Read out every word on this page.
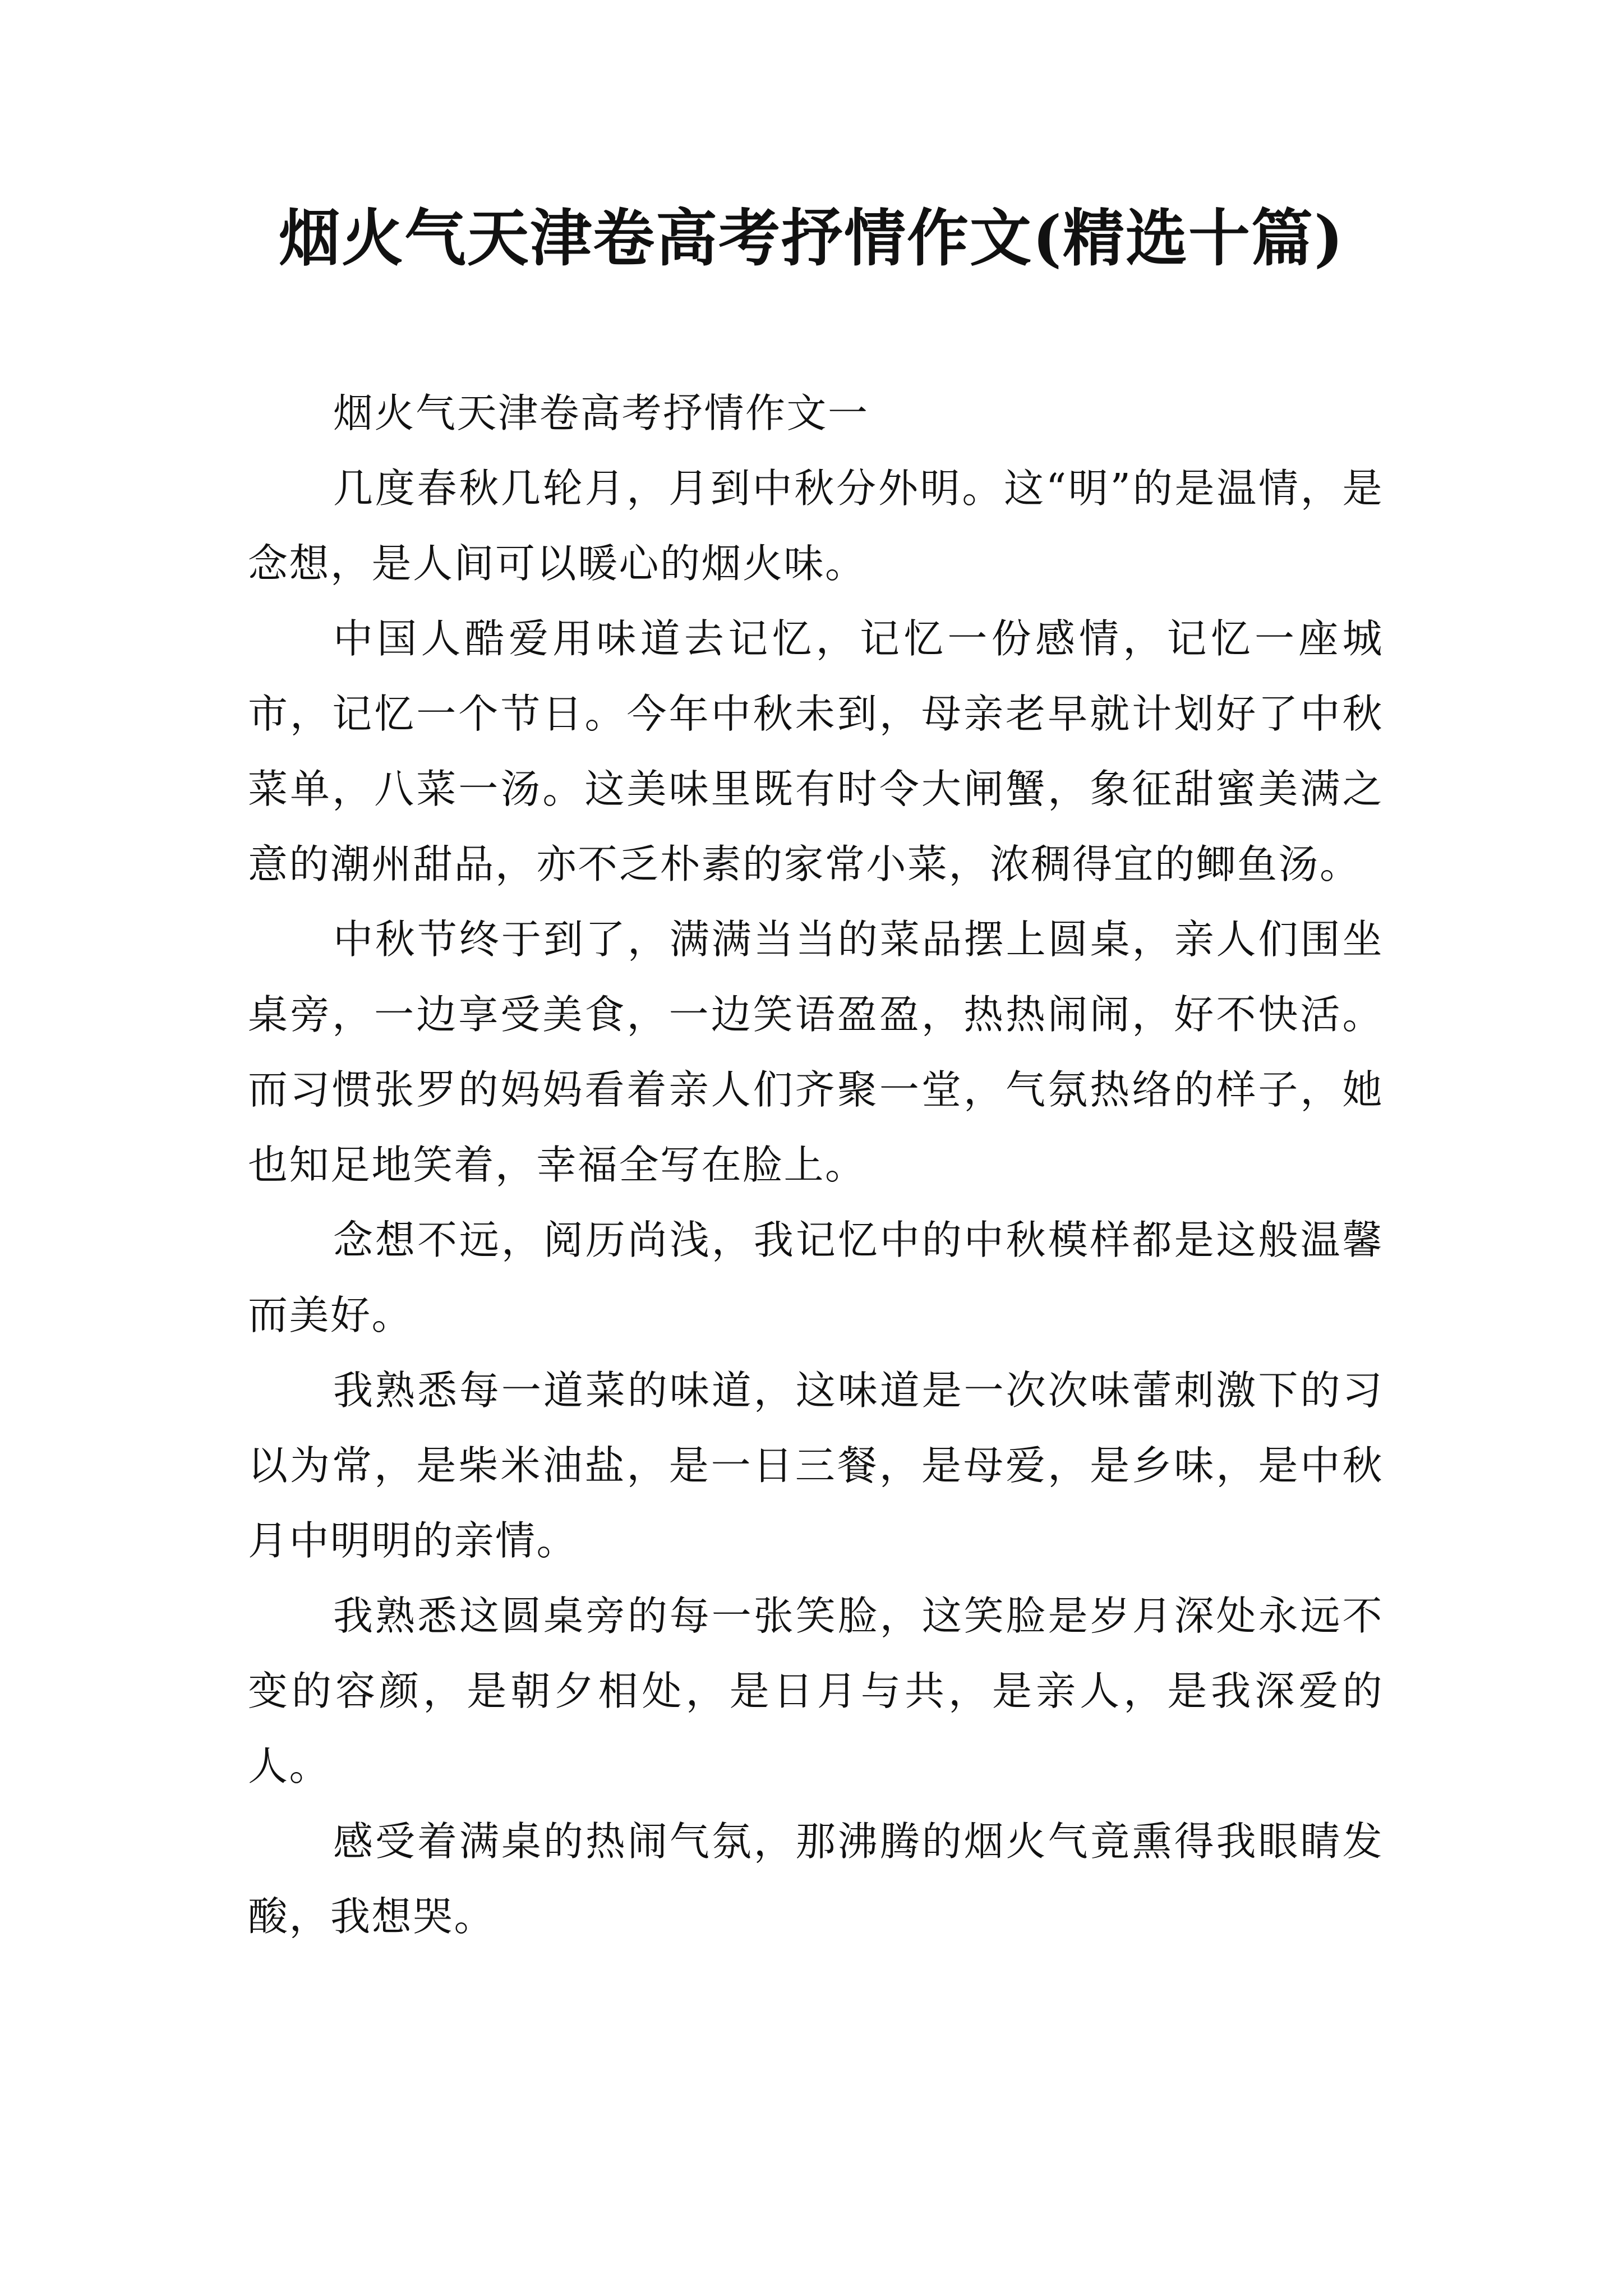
烟火气天津卷高考抒情作文(精选十篇)

烟火气天津卷高考抒情作文一

几度春秋几轮月，月到中秋分外明。这“明”的是温情，是念想，是人间可以暖心的烟火味。

中国人酷爱用味道去记忆，记忆一份感情，记忆一座城市，记忆一个节日。今年中秋未到，母亲老早就计划好了中秋菜单，八菜一汤。这美味里既有时令大闸蟹，象征甜蜜美满之意的潮州甜品，亦不乏朴素的家常小菜，浓稠得宜的鲫鱼汤。

中秋节终于到了，满满当当的菜品摆上圆桌，亲人们围坐桌旁，一边享受美食，一边笑语盈盈，热热闹闹，好不快活。而习惯张罗的妈妈看着亲人们齐聚一堂，气氛热络的样子，她也知足地笑着，幸福全写在脸上。

念想不远，阅历尚浅，我记忆中的中秋模样都是这般温馨而美好。

我熟悉每一道菜的味道，这味道是一次次味蕾刺激下的习以为常，是柴米油盐，是一日三餐，是母爱，是乡味，是中秋月中明明的亲情。

我熟悉这圆桌旁的每一张笑脸，这笑脸是岁月深处永远不变的容颜，是朝夕相处，是日月与共，是亲人，是我深爱的人。

感受着满桌的热闹气氛，那沸腾的烟火气竟熏得我眼睛发酸，我想哭。
